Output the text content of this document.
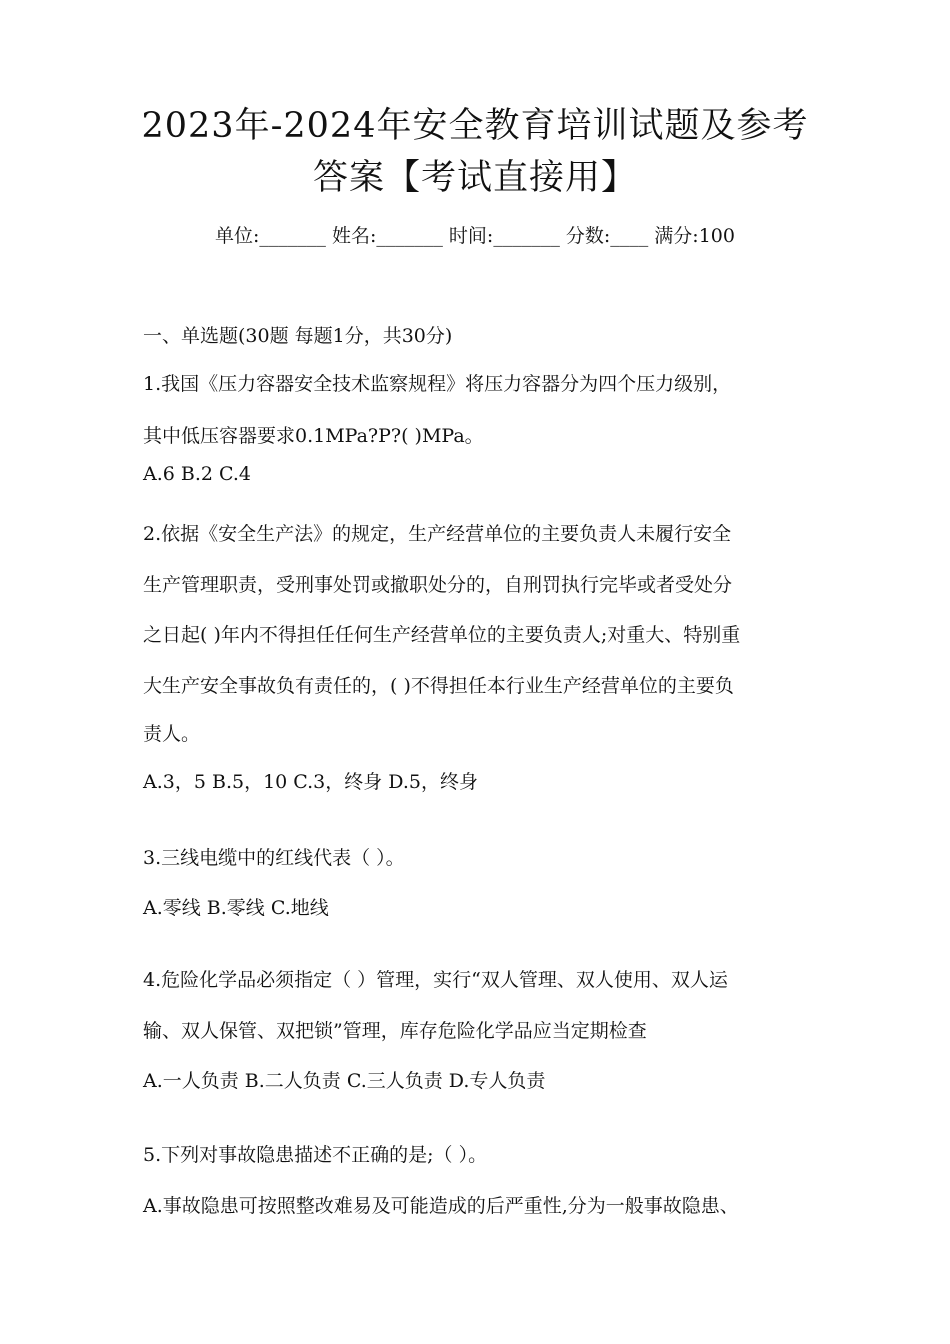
2023年-2024年安全教育培训试题及参考
答案【考试直接用】
单位:_______ 姓名:_______ 时间:_______ 分数:____ 满分:100
一、单选题(30题 每题1分，共30分)
1.我国《压力容器安全技术监察规程》将压力容器分为四个压力级别，
其中低压容器要求0.1MPa?P?( )MPa。
A.6 B.2 C.4
2.依据《安全生产法》的规定，生产经营单位的主要负责人未履行安全
生产管理职责，受刑事处罚或撤职处分的，自刑罚执行完毕或者受处分
之日起( )年内不得担任任何生产经营单位的主要负责人;对重大、特别重
大生产安全事故负有责任的，( )不得担任本行业生产经营单位的主要负
责人。
A.3，5 B.5，10 C.3，终身 D.5，终身
3.三线电缆中的红线代表（ ）。
A.零线 B.零线 C.地线
4.危险化学品必须指定（ ）管理，实行“双人管理、双人使用、双人运
输、双人保管、双把锁”管理，库存危险化学品应当定期检查
A.一人负责 B.二人负责 C.三人负责 D.专人负责
5.下列对事故隐患描述不正确的是;（ ）。
A.事故隐患可按照整改难易及可能造成的后严重性,分为一般事故隐患、
